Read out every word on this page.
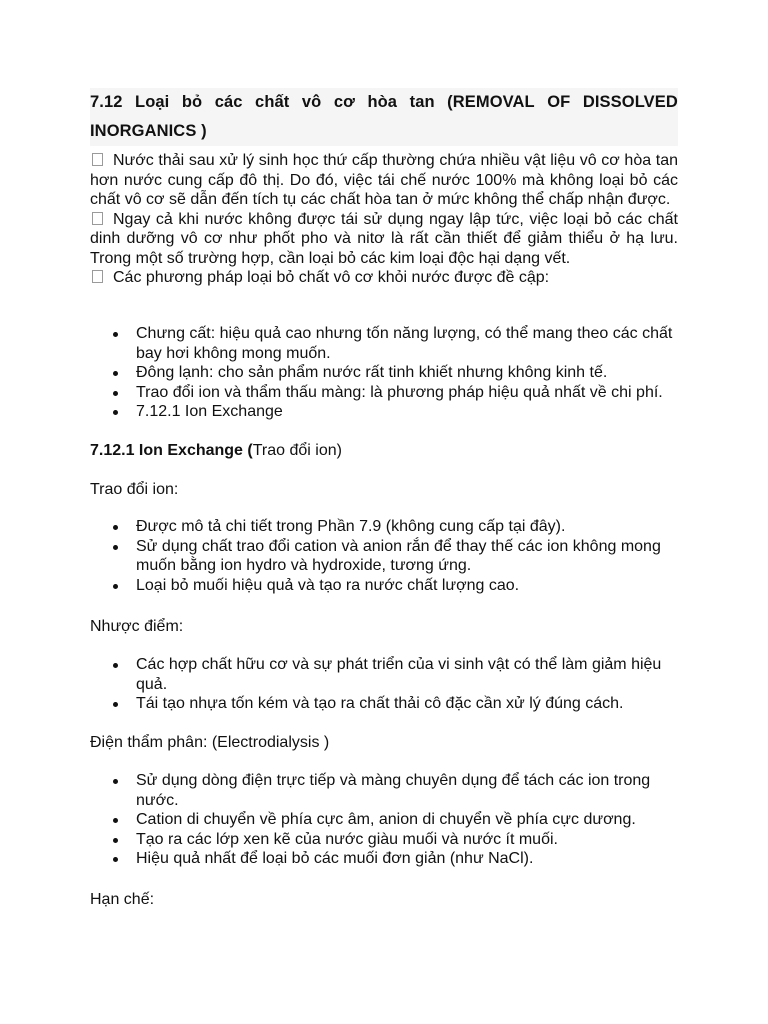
7.12 Loại bỏ các chất vô cơ hòa tan (REMOVAL OF DISSOLVED
INORGANICS )

Nước thải sau xử lý sinh học thứ cấp thường chứa nhiều vật liệu vô cơ hòa tan hơn nước cung cấp đô thị. Do đó, việc tái chế nước 100% mà không loại bỏ các chất vô cơ sẽ dẫn đến tích tụ các chất hòa tan ở mức không thể chấp nhận được.

Ngay cả khi nước không được tái sử dụng ngay lập tức, việc loại bỏ các chất dinh dưỡng vô cơ như phốt pho và nitơ là rất cần thiết để giảm thiểu ở hạ lưu. Trong một số trường hợp, cần loại bỏ các kim loại độc hại dạng vết.

Các phương pháp loại bỏ chất vô cơ khỏi nước được đề cập:

Chưng cất: hiệu quả cao nhưng tốn năng lượng, có thể mang theo các chất bay hơi không mong muốn.
Đông lạnh: cho sản phẩm nước rất tinh khiết nhưng không kinh tế.
Trao đổi ion và thẩm thấu màng: là phương pháp hiệu quả nhất về chi phí.
7.12.1 Ion Exchange
7.12.1 Ion Exchange (Trao đổi ion)
Trao đổi ion:
Được mô tả chi tiết trong Phần 7.9 (không cung cấp tại đây).
Sử dụng chất trao đổi cation và anion rắn để thay thế các ion không mong muốn bằng ion hydro và hydroxide, tương ứng.
Loại bỏ muối hiệu quả và tạo ra nước chất lượng cao.
Nhược điểm:
Các hợp chất hữu cơ và sự phát triển của vi sinh vật có thể làm giảm hiệu quả.
Tái tạo nhựa tốn kém và tạo ra chất thải cô đặc cần xử lý đúng cách.
Điện thẩm phân: (Electrodialysis )
Sử dụng dòng điện trực tiếp và màng chuyên dụng để tách các ion trong nước.
Cation di chuyển về phía cực âm, anion di chuyển về phía cực dương.
Tạo ra các lớp xen kẽ của nước giàu muối và nước ít muối.
Hiệu quả nhất để loại bỏ các muối đơn giản (như NaCl).
Hạn chế:
